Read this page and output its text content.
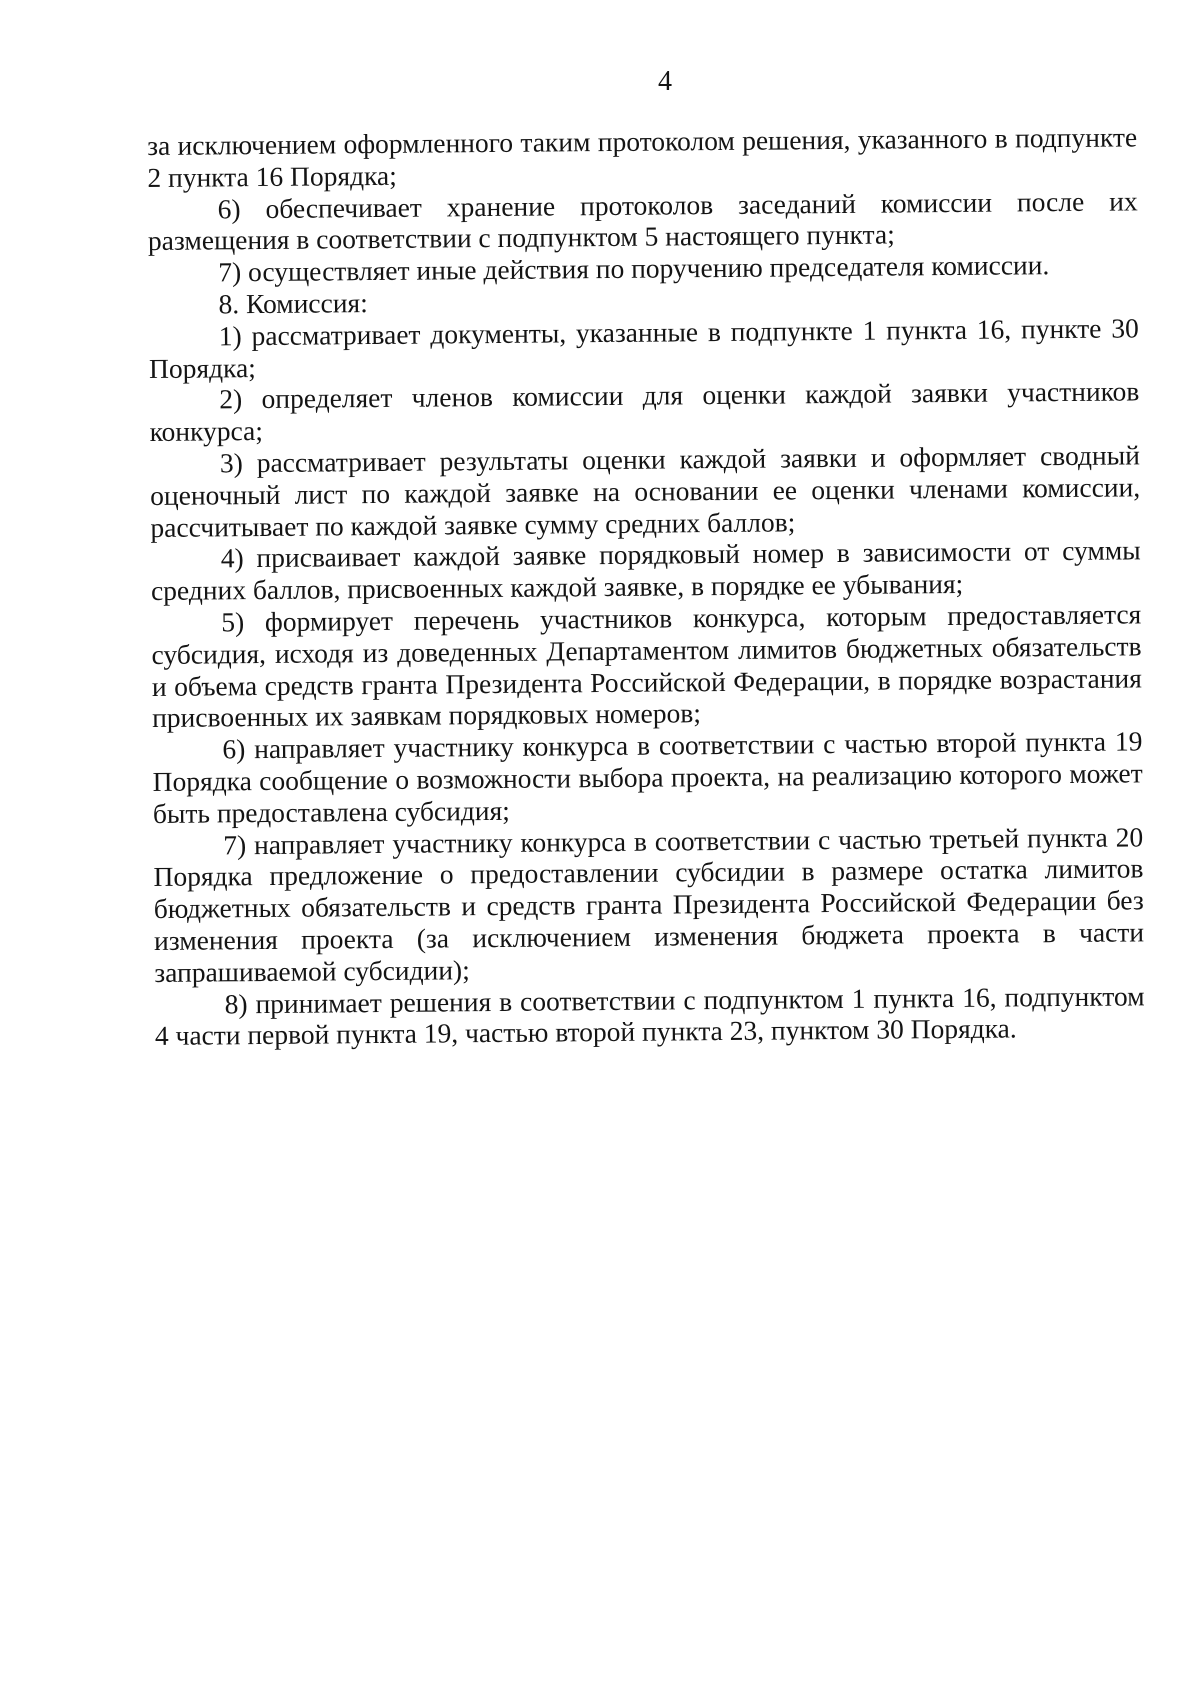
4

за исключением оформленного таким протоколом решения, указанного в подпункте 2 пункта 16 Порядка;

6) обеспечивает хранение протоколов заседаний комиссии после их размещения в соответствии с подпунктом 5 настоящего пункта;

7) осуществляет иные действия по поручению председателя комиссии.

8. Комиссия:

1) рассматривает документы, указанные в подпункте 1 пункта 16, пункте 30 Порядка;

2) определяет членов комиссии для оценки каждой заявки участников конкурса;

3) рассматривает результаты оценки каждой заявки и оформляет сводный оценочный лист по каждой заявке на основании ее оценки членами комиссии, рассчитывает по каждой заявке сумму средних баллов;

4) присваивает каждой заявке порядковый номер в зависимости от суммы средних баллов, присвоенных каждой заявке, в порядке ее убывания;

5) формирует перечень участников конкурса, которым предоставляется субсидия, исходя из доведенных Департаментом лимитов бюджетных обязательств и объема средств гранта Президента Российской Федерации, в порядке возрастания присвоенных их заявкам порядковых номеров;

6) направляет участнику конкурса в соответствии с частью второй пункта 19 Порядка сообщение о возможности выбора проекта, на реализацию которого может быть предоставлена субсидия;

7) направляет участнику конкурса в соответствии с частью третьей пункта 20 Порядка предложение о предоставлении субсидии в размере остатка лимитов бюджетных обязательств и средств гранта Президента Российской Федерации без изменения проекта (за исключением изменения бюджета проекта в части запрашиваемой субсидии);

8) принимает решения в соответствии с подпунктом 1 пункта 16, подпунктом 4 части первой пункта 19, частью второй пункта 23, пунктом 30 Порядка.
